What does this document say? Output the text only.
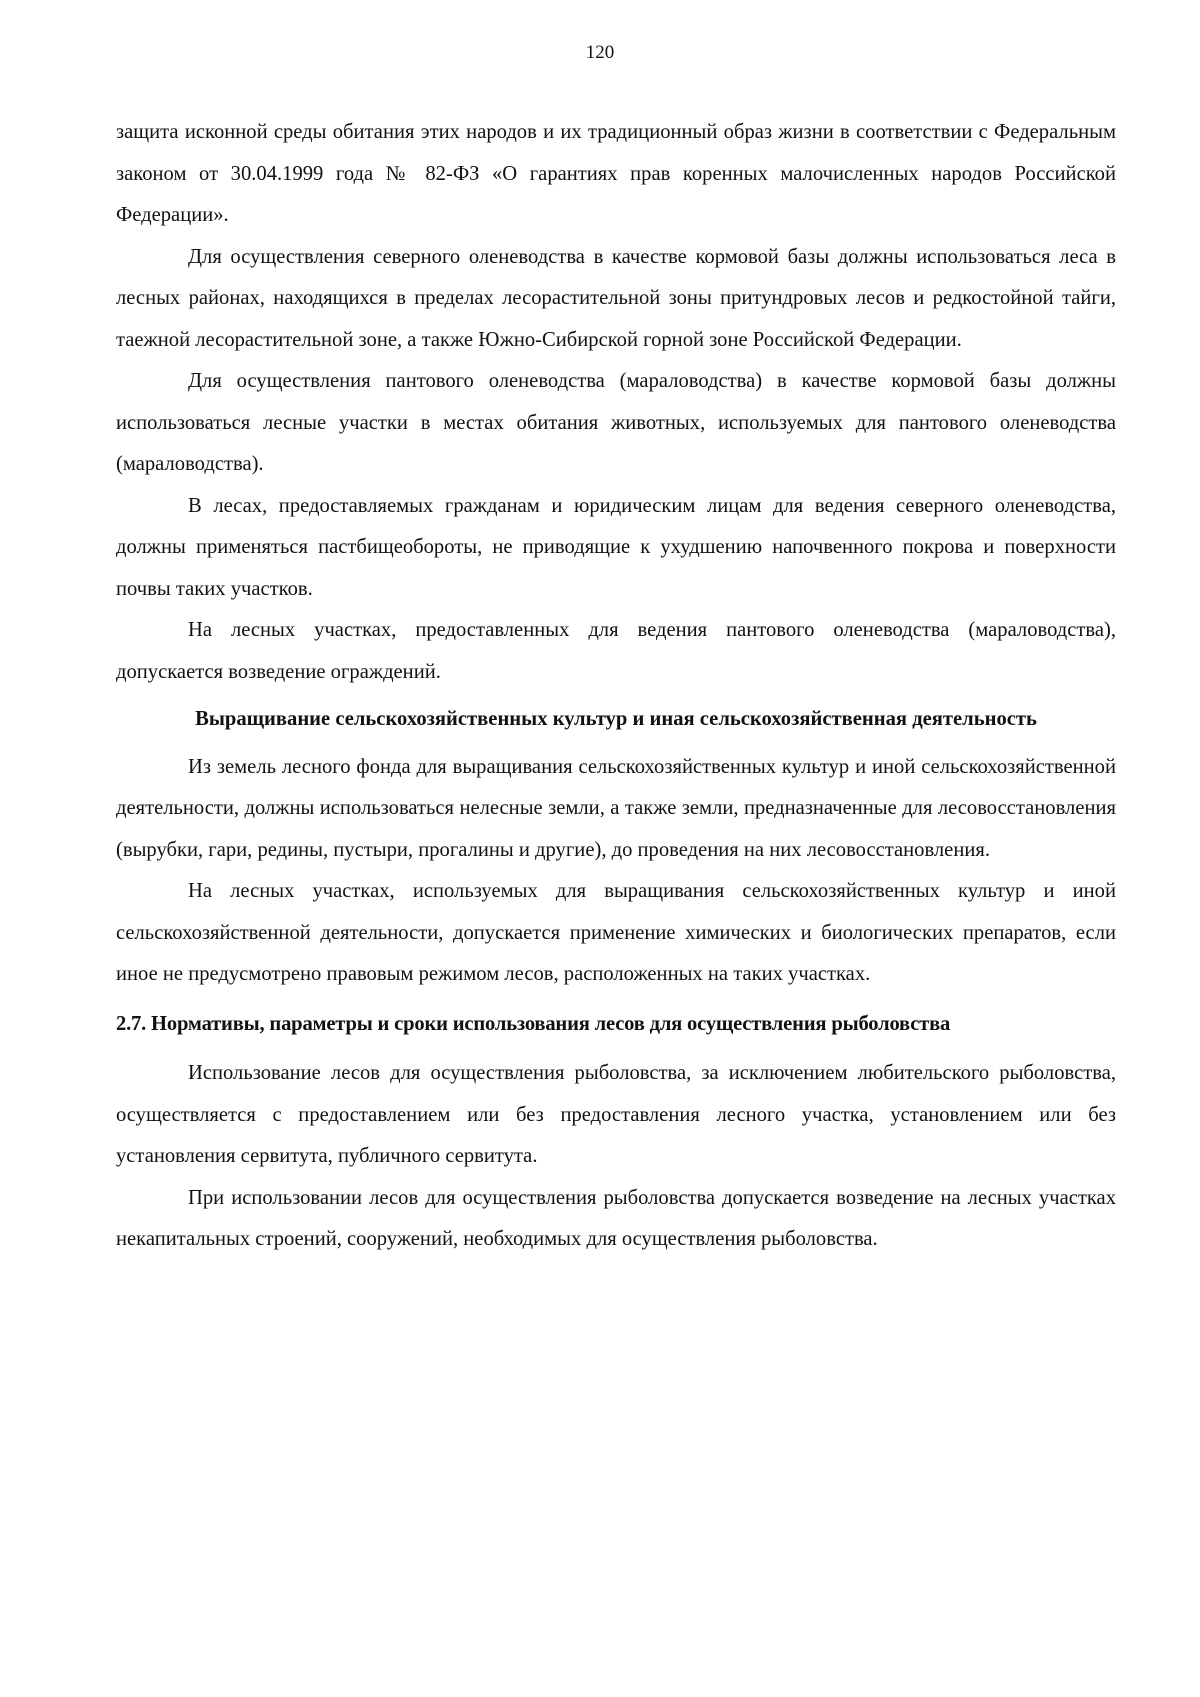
120

защита исконной среды обитания этих народов и их традиционный образ жизни в соответствии с Федеральным законом от 30.04.1999 года № 82-ФЗ «О гарантиях прав коренных малочисленных народов Российской Федерации».

Для осуществления северного оленеводства в качестве кормовой базы должны использоваться леса в лесных районах, находящихся в пределах лесорастительной зоны притундровых лесов и редкостойной тайги, таежной лесорастительной зоне, а также Южно-Сибирской горной зоне Российской Федерации.

Для осуществления пантового оленеводства (мараловодства) в качестве кормовой базы должны использоваться лесные участки в местах обитания животных, используемых для пантового оленеводства (мараловодства).

В лесах, предоставляемых гражданам и юридическим лицам для ведения северного оленеводства, должны применяться пастбищеобороты, не приводящие к ухудшению напочвенного покрова и поверхности почвы таких участков.

На лесных участках, предоставленных для ведения пантового оленеводства (мараловодства), допускается возведение ограждений.

Выращивание сельскохозяйственных культур и иная сельскохозяйственная деятельность

Из земель лесного фонда для выращивания сельскохозяйственных культур и иной сельскохозяйственной деятельности, должны использоваться нелесные земли, а также земли, предназначенные для лесовосстановления (вырубки, гари, редины, пустыри, прогалины и другие), до проведения на них лесовосстановления.

На лесных участках, используемых для выращивания сельскохозяйственных культур и иной сельскохозяйственной деятельности, допускается применение химических и биологических препаратов, если иное не предусмотрено правовым режимом лесов, расположенных на таких участках.

2.7. Нормативы, параметры и сроки использования лесов для осуществления рыболовства

Использование лесов для осуществления рыболовства, за исключением любительского рыболовства, осуществляется с предоставлением или без предоставления лесного участка, установлением или без установления сервитута, публичного сервитута.

При использовании лесов для осуществления рыболовства допускается возведение на лесных участках некапитальных строений, сооружений, необходимых для осуществления рыболовства.
